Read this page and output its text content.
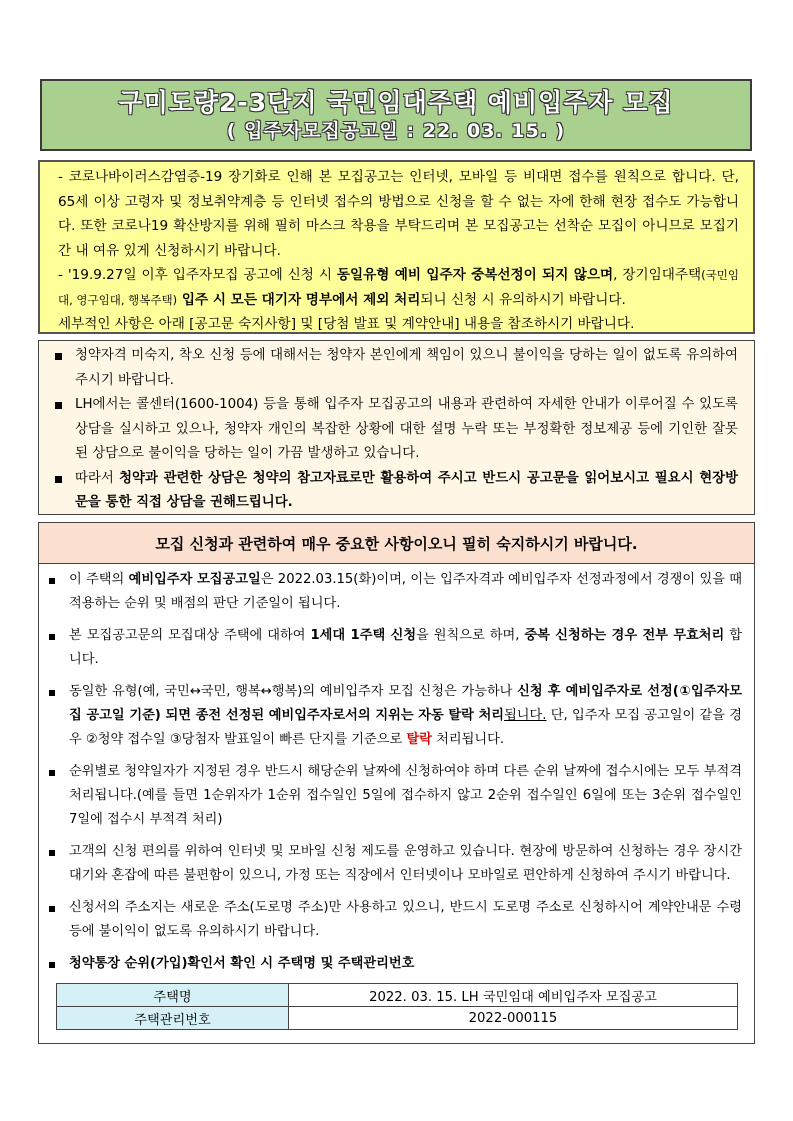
구미도량2-3단지 국민임대주택 예비입주자 모집
( 입주자모집공고일 : 22. 03. 15. )

- 코로나바이러스감염증-19 장기화로 인해 본 모집공고는 인터넷, 모바일 등 비대면 접수를 원칙으로 합니다. 단, 65세 이상 고령자 및 정보취약계층 등 인터넷 접수의 방법으로 신청을 할 수 없는 자에 한해 현장 접수도 가능합니다. 또한 코로나19 확산방지를 위해 필히 마스크 착용을 부탁드리며 본 모집공고는 선착순 모집이 아니므로 모집기간 내 여유 있게 신청하시기 바랍니다.

- '19.9.27일 이후 입주자모집 공고에 신청 시 동일유형 예비 입주자 중복선정이 되지 않으며, 장기임대주택(국민임대, 영구임대, 행복주택) 입주 시 모든 대기자 명부에서 제외 처리되니 신청 시 유의하시기 바랍니다.

세부적인 사항은 아래 [공고문 숙지사항] 및 [당첨 발표 및 계약안내] 내용을 참조하시기 바랍니다.

청약자격 미숙지, 착오 신청 등에 대해서는 청약자 본인에게 책임이 있으니 불이익을 당하는 일이 없도록 유의하여 주시기 바랍니다.
LH에서는 콜센터(1600-1004) 등을 통해 입주자 모집공고의 내용과 관련하여 자세한 안내가 이루어질 수 있도록 상담을 실시하고 있으나, 청약자 개인의 복잡한 상황에 대한 설명 누락 또는 부정확한 정보제공 등에 기인한 잘못된 상담으로 불이익을 당하는 일이 가끔 발생하고 있습니다.
따라서 청약과 관련한 상담은 청약의 참고자료로만 활용하여 주시고 반드시 공고문을 읽어보시고 필요시 현장방문을 통한 직접 상담을 권해드립니다.
모집 신청과 관련하여 매우 중요한 사항이오니 필히 숙지하시기 바랍니다.
이 주택의 예비입주자 모집공고일은 2022.03.15(화)이며, 이는 입주자격과 예비입주자 선정과정에서 경쟁이 있을 때 적용하는 순위 및 배점의 판단 기준일이 됩니다.
본 모집공고문의 모집대상 주택에 대하여 1세대 1주택 신청을 원칙으로 하며, 중복 신청하는 경우 전부 무효처리 합니다.
동일한 유형(예, 국민↔국민, 행복↔행복)의 예비입주자 모집 신청은 가능하나 신청 후 예비입주자로 선정(①입주자모집 공고일 기준) 되면 종전 선정된 예비입주자로서의 지위는 자동 탈락 처리됩니다. 단, 입주자 모집 공고일이 같을 경우 ②청약 접수일 ③당첨자 발표일이 빠른 단지를 기준으로 탈락 처리됩니다.
순위별로 청약일자가 지정된 경우 반드시 해당순위 날짜에 신청하여야 하며 다른 순위 날짜에 접수시에는 모두 부적격 처리됩니다.(예를 들면 1순위자가 1순위 접수일인 5일에 접수하지 않고 2순위 접수일인 6일에 또는 3순위 접수일인 7일에 접수시 부적격 처리)
고객의 신청 편의를 위하여 인터넷 및 모바일 신청 제도를 운영하고 있습니다. 현장에 방문하여 신청하는 경우 장시간 대기와 혼잡에 따른 불편함이 있으니, 가정 또는 직장에서 인터넷이나 모바일로 편안하게 신청하여 주시기 바랍니다.
신청서의 주소지는 새로운 주소(도로명 주소)만 사용하고 있으니, 반드시 도로명 주소로 신청하시어 계약안내문 수령 등에 불이익이 없도록 유의하시기 바랍니다.
청약통장 순위(가입)확인서 확인 시 주택명 및 주택관리번호
주택명	2022. 03. 15. LH 국민임대 예비입주자 모집공고
주택관리번호	2022-000115
